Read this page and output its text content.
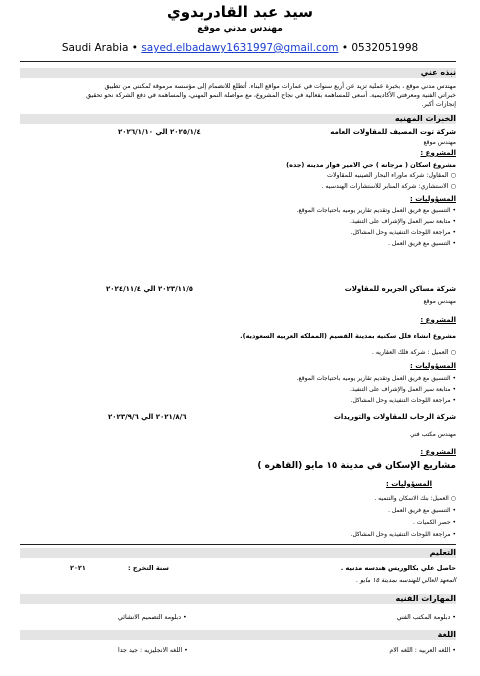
سيد عبد القادربدوي
مهندس مدني موقع
Saudi Arabia • sayed.elbadawy1631997@gmail.com • 0532051998
نبذه عني
مهندس مدني موقع ، بخبرة عملية تزيد عن أربع سنوات في عمارات مواقع البناء. أتطلع للانضمام إلى مؤسسة مرموقة تُمكنني من تطبيق
خبراتي الفنية ومعرفتي الأكاديمية. أسعى للمساهمة بفعالية في نجاح المشروع، مع مواصلة النمو المهني، والمساهمة في دفع الشركة نحو تحقيق
إنجازات أكبر.
الخبرات المهنيه
شركة توت المصيف للمقاولات العامه
٢٠٢٥/١/٤ الي ٢٠٢٦/١/١٠
مهندس موقع
المشروع :
مشروع اسكان ( مرجانه ) حي الامير فواز مدينه (جده)
○ المقاول: شركة ماوراء البحار الصينيه للمقاولات
○ الاستشاري: شركة المنابر للاستشارات الهندسيه .
المسؤوليات :
• التنسيق مع فريق العمل وتقديم تقارير يوميه باحتياجات الموقع.
• متابعة سير العمل والإشراف على التنفيذ.
• مراجعة اللوحات التنفيذيه وحل المشاكل.
• التنسيق مع فريق العمل .
شركة مساكن الجزيره للمقاولات
٢٠٢٣/١١/٥ الي ٢٠٢٤/١١/٤
مهندس موقع
المشروع :
مشروع انشاء فلل سكنيه بمدينة القصيم (المملكه العربيه السعوديه).
○ العميل : شركة فلك العقاريه .
المسؤوليات :
• التنسيق مع فريق العمل وتقديم تقارير يوميه باحتياجات الموقع.
• متابعة سير العمل والإشراف على التنفيذ.
• مراجعة اللوحات التنفيذيه وحل المشاكل.
شركة الرحاب للمقاولات والتوريدات
٢٠٢١/٨/٦ الي ٢٠٢٣/٩/٦
مهندس مكتب فني
المشروع :
مشاريع الإسكان في مدينة ١٥ مايو (القاهره )
المسؤوليات :
○ العميل: بنك الاسكان والتنميه .
• التنسيق مع فريق العمل .
• حصر الكميات .
• مراجعة اللوحات التنفيذيه وحل المشاكل.
التعليم
حاصل علي بكالوريس هندسه مدنيه .
سنة التخرج :
٢٠٢١
المعهد العالي للهندسه بمدينة ١٥ مايو .
المهارات الفنيه
• دبلومة المكتب الفني
• دبلومة التصميم الانشائي
اللغة
• اللغه العربيه : اللغه الام
• اللغه الانجليزيه : جيد جدا
